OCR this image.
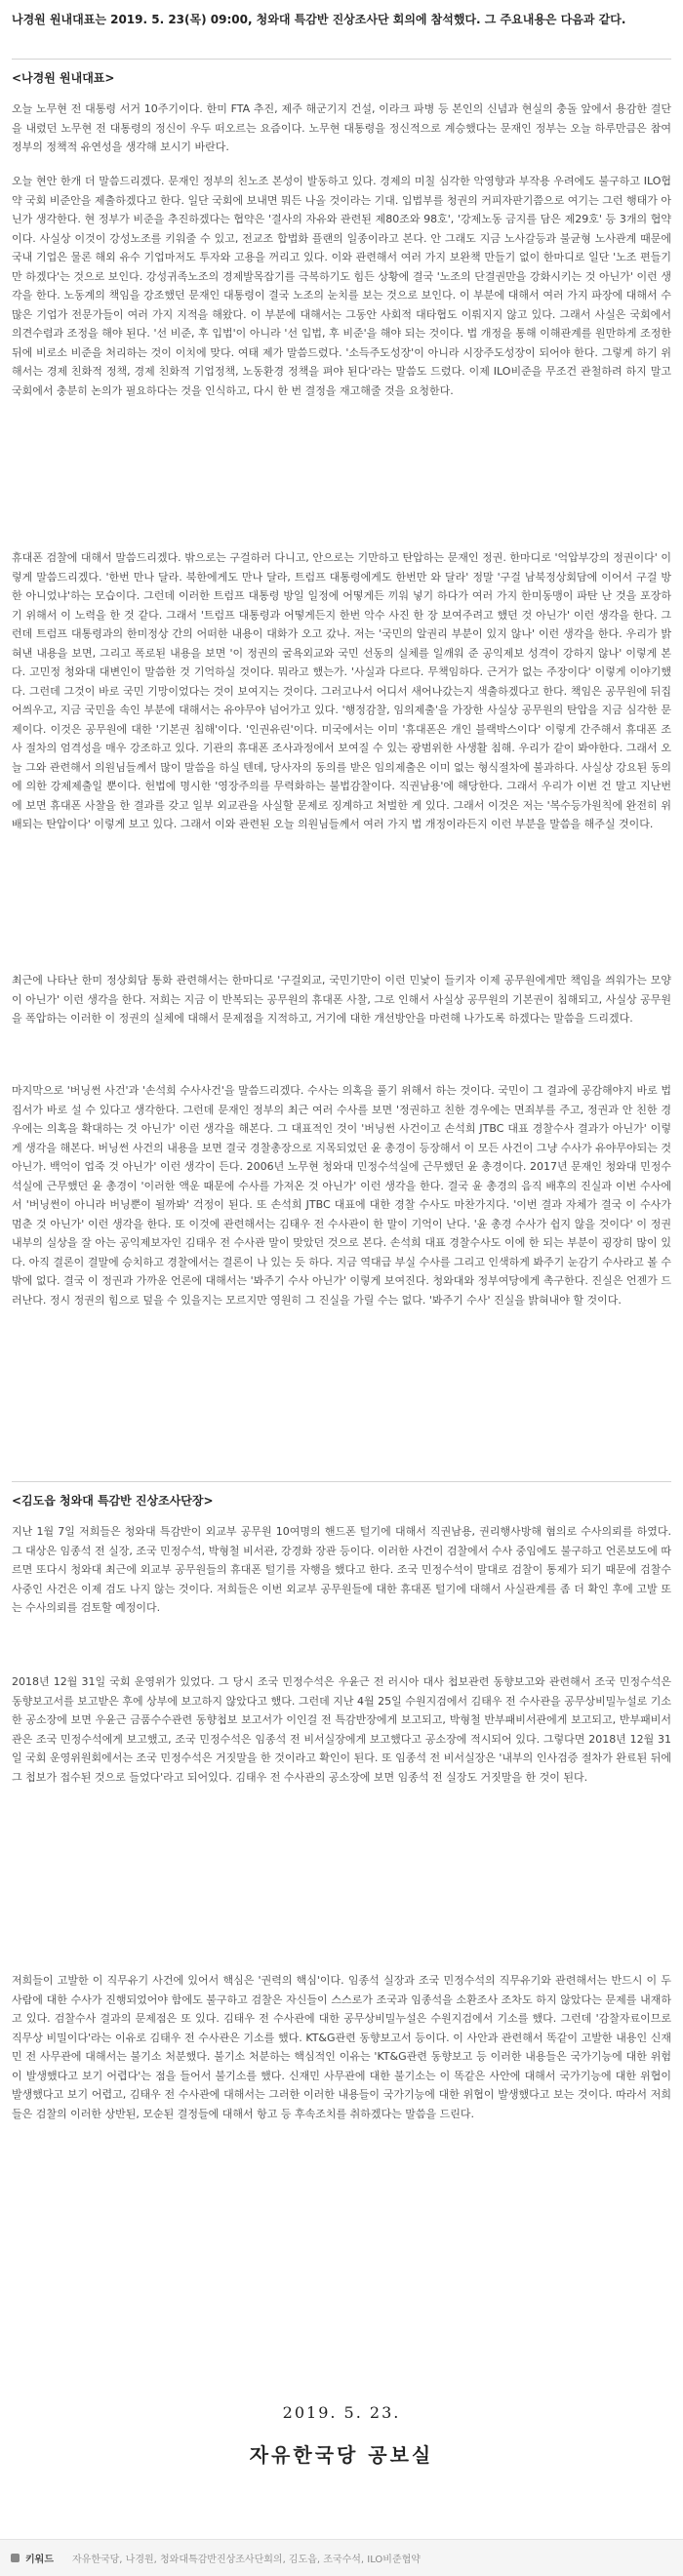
나경원 원내대표는 2019. 5. 23(목) 09:00, 청와대 특감반 진상조사단 회의에 참석했다. 그 주요내용은 다음과 같다.

<나경원 원내대표>

오늘 노무현 전 대통령 서거 10주기이다. 한미 FTA 추진, 제주 해군기지 건설, 이라크 파병 등 본인의 신념과 현실의 충돌 앞에서 용감한 결단을 내렸던 노무현 전 대통령의 정신이 우두 떠오르는 요즘이다. 노무현 대통령을 정신적으로 계승했다는 문재인 정부는 오늘 하루만큼은 참여정부의 정책적 유연성을 생각해 보시기 바란다.

오늘 현안 한개 더 말씀드리겠다. 문재인 정부의 친노조 본성이 발동하고 있다. 경제의 미칠 심각한 악영향과 부작용 우려에도 불구하고 ILO협약 국회 비준안을 제출하겠다고 한다. 일단 국회에 보내면 뭐든 나올 것이라는 기대. 입법부를 청권의 커피자판기쯤으로 여기는 그런 행태가 아닌가 생각한다. 현 정부가 비준을 추진하겠다는 협약은 '결사의 자유와 관련된 제80조와 98호', '강제노동 금지를 담은 제29호' 등 3개의 협약이다. 사실상 이것이 강성노조를 키워줄 수 있고, 전교조 합법화 플랜의 일종이라고 본다. 안 그래도 지금 노사갈등과 불균형 노사관계 때문에 국내 기업은 물론 해외 유수 기업마저도 투자와 고용을 꺼리고 있다. 이와 관련해서 여러 가지 보완책 만들기 없이 한마디로 일단 '노조 편들기만 하겠다'는 것으로 보인다. 강성귀족노조의 경제발목잡기를 극복하기도 힘든 상황에 결국 '노조의 단결권만을 강화시키는 것 아닌가' 이런 생각을 한다. 노동계의 책임을 강조했던 문재인 대통령이 결국 노조의 눈치를 보는 것으로 보인다. 이 부분에 대해서 여러 가지 파장에 대해서 수많은 기업가 전문가들이 여러 가지 지적을 해왔다. 이 부분에 대해서는 그동안 사회적 대타협도 이뤄지지 않고 있다. 그래서 사실은 국회에서 의견수렴과 조정을 해야 된다. '선 비준, 후 입법'이 아니라 '선 입법, 후 비준'을 해야 되는 것이다. 법 개정을 통해 이해관계를 원만하게 조정한 뒤에 비로소 비준을 처리하는 것이 이치에 맞다. 여태 제가 말씀드렸다. '소득주도성장'이 아니라 시장주도성장이 되어야 한다. 그렇게 하기 위해서는 경제 친화적 정책, 경제 친화적 기업정책, 노동환경 정책을 펴야 된다'라는 말씀도 드렸다. 이제 ILO비준을 무조건 관철하려 하지 말고 국회에서 충분히 논의가 필요하다는 것을 인식하고, 다시 한 번 결정을 재고해줄 것을 요청한다.

휴대폰 검찰에 대해서 말씀드리겠다. 밖으로는 구걸하러 다니고, 안으로는 기만하고 탄압하는 문재인 정권. 한마디로 '억압부강의 정권이다' 이렇게 말씀드리겠다. '한번 만나 달라. 북한에게도 만나 달라, 트럼프 대통령에게도 한번만 와 달라' 정말 '구걸 남북정상회담에 이어서 구걸 방한 아니었냐'하는 모습이다. 그런데 이러한 트럼프 대통령 방일 일정에 어떻게든 끼워 넣기 하다가 여러 가지 한미동맹이 파탄 난 것을 포장하기 위해서 이 노력을 한 것 같다. 그래서 '트럼프 대통령과 어떻게든지 한번 악수 사진 한 장 보여주려고 했던 것 아닌가' 이런 생각을 한다. 그런데 트럼프 대통령과의 한미정상 간의 어떠한 내용이 대화가 오고 갔나. 저는 '국민의 알권리 부분이 있지 않나' 이런 생각을 한다. 우리가 밝혀낸 내용을 보면, 그리고 폭로된 내용을 보면 '이 정권의 굴욕외교와 국민 선동의 실체를 일깨워 준 공익제보 성격이 강하지 않나' 이렇게 본다. 고민정 청와대 대변인이 말씀한 것 기억하실 것이다. 뭐라고 했는가. '사실과 다르다. 무책임하다. 근거가 없는 주장이다' 이렇게 이야기했다. 그런데 그것이 바로 국민 기망이었다는 것이 보여지는 것이다. 그러고나서 어디서 새어나갔는지 색출하겠다고 한다. 책임은 공무원에 뒤집어씌우고, 지금 국민을 속인 부분에 대해서는 유야무야 넘어가고 있다. '행정감찰, 임의제출'을 가장한 사실상 공무원의 탄압을 지금 심각한 문제이다. 이것은 공무원에 대한 '기본권 침해'이다. '인권유린'이다. 미국에서는 이미 '휴대폰은 개인 블랙박스이다' 이렇게 간주해서 휴대폰 조사 절차의 엄격성을 매우 강조하고 있다. 기관의 휴대폰 조사과정에서 보여질 수 있는 광범위한 사생활 침해. 우리가 같이 봐야한다. 그래서 오늘 그와 관련해서 의원님들께서 많이 말씀을 하실 텐데, 당사자의 동의를 받은 임의제출은 이미 없는 형식절차에 불과하다. 사실상 강요된 동의에 의한 강제제출일 뿐이다. 헌법에 명시한 '영장주의를 무력화하는 불법감찰이다. 직권남용'에 해당한다. 그래서 우리가 이번 건 말고 지난번에 보면 휴대폰 사찰을 한 결과를 갖고 일부 외교관을 사실할 문제로 징계하고 처벌한 게 있다. 그래서 이것은 저는 '복수등가원칙에 완전히 위배되는 탄압이다' 이렇게 보고 있다. 그래서 이와 관련된 오늘 의원님들께서 여러 가지 법 개정이라든지 이런 부분을 말씀을 해주실 것이다.

최근에 나타난 한미 정상회담 통화 관련해서는 한마디로 '구걸외교, 국민기만이 이런 민낯이 들키자 이제 공무원에게만 책임을 씌워가는 모양이 아닌가' 이런 생각을 한다. 저희는 지금 이 반복되는 공무원의 휴대폰 사찰, 그로 인해서 사실상 공무원의 기본권이 침해되고, 사실상 공무원을 폭압하는 이러한 이 정권의 실체에 대해서 문제점을 지적하고, 거기에 대한 개선방안을 마련해 나가도록 하겠다는 말씀을 드리겠다.

마지막으로 '버닝썬 사건'과 '손석희 수사사건'을 말씀드리겠다. 수사는 의혹을 풀기 위해서 하는 것이다. 국민이 그 결과에 공감해야지 바로 법집서가 바로 설 수 있다고 생각한다. 그런데 문재인 정부의 최근 여러 수사를 보면 '정권하고 친한 경우에는 면죄부를 주고, 정권과 안 친한 경우에는 의혹을 확대하는 것 아닌가' 이런 생각을 해본다. 그 대표적인 것이 '버닝썬 사건이고 손석희 JTBC 대표 경찰수사 결과가 아닌가' 이렇게 생각을 해본다. 버닝썬 사건의 내용을 보면 결국 경찰총장으로 지목되었던 윤 총경이 등장해서 이 모든 사건이 그냥 수사가 유야무야되는 것 아닌가. 백억이 업죽 것 아닌가' 이런 생각이 든다. 2006년 노무현 청와대 민정수석실에 근무했던 윤 총경이다. 2017년 문재인 청와대 민정수석실에 근무했던 윤 총경이 '이러한 액운 때문에 수사를 가져온 것 아닌가' 이런 생각을 한다. 결국 윤 총경의 음직 배후의 진실과 이번 수사에서 '버닝썬이 아니라 버닝뿐이 될까봐' 걱정이 된다. 또 손석희 JTBC 대표에 대한 경찰 수사도 마찬가지다. '이번 결과 자체가 결국 이 수사가 멈춘 것 아닌가' 이런 생각을 한다. 또 이것에 관련해서는 김태우 전 수사관이 한 말이 기억이 난다. '윤 총경 수사가 쉽지 않을 것이다' 이 정권 내부의 실상을 잘 아는 공익제보자인 김태우 전 수사관 말이 맞았던 것으로 본다. 손석희 대표 경찰수사도 이에 한 되는 부분이 굉장히 많이 있다. 아직 결론이 결말에 승치하고 경찰에서는 결론이 나 있는 듯 하다. 지금 역대급 부실 수사를 그리고 인색하게 봐주기 눈감기 수사라고 볼 수 밖에 없다. 결국 이 정권과 가까운 언론에 대해서는 '봐주기 수사 아닌가' 이렇게 보여진다. 청와대와 정부여당에게 촉구한다. 진실은 언젠가 드러난다. 정시 정권의 힘으로 덮을 수 있을지는 모르지만 영원히 그 진실을 가릴 수는 없다. '봐주기 수사' 진실을 밝혀내야 할 것이다.

<김도읍 청와대 특감반 진상조사단장>

지난 1월 7일 저희들은 청와대 특감반이 외교부 공무원 10여명의 핸드폰 털기에 대해서 직권남용, 권리행사방해 혐의로 수사의뢰를 하였다. 그 대상은 임종석 전 실장, 조국 민정수석, 박형철 비서관, 강경화 장관 등이다. 이러한 사건이 검찰에서 수사 중임에도 불구하고 언론보도에 따르면 또다시 청와대 최근에 외교부 공무원들의 휴대폰 털기를 자행을 했다고 한다. 조국 민정수석이 말대로 검찰이 통제가 되기 때문에 검찰수사중인 사건은 이제 검도 나지 않는 것이다. 저희들은 이번 외교부 공무원들에 대한 휴대폰 털기에 대해서 사실관계를 좀 더 확인 후에 고발 또는 수사의뢰를 검토할 예정이다.

2018년 12월 31일 국회 운영위가 있었다. 그 당시 조국 민정수석은 우윤근 전 러시아 대사 첩보관련 동향보고와 관련해서 조국 민정수석은 동향보고서를 보고받은 후에 상부에 보고하지 않았다고 했다. 그런데 지난 4월 25일 수원지검에서 김태우 전 수사관을 공무상비밀누설로 기소한 공소장에 보면 우윤근 금품수수관련 동향첩보 보고서가 이인걸 전 특감반장에게 보고되고, 박형철 반부패비서관에게 보고되고, 반부패비서관은 조국 민정수석에게 보고했고, 조국 민정수석은 임종석 전 비서실장에게 보고했다고 공소장에 적시되어 있다. 그렇다면 2018년 12월 31일 국회 운영위원회에서는 조국 민정수석은 거짓말을 한 것이라고 확인이 된다. 또 임종석 전 비서실장은 '내부의 인사검증 절차가 완료된 뒤에 그 첩보가 접수된 것으로 들었다'라고 되어있다. 김태우 전 수사관의 공소장에 보면 임종석 전 실장도 거짓말을 한 것이 된다.

저희들이 고발한 이 직무유기 사건에 있어서 핵심은 '권력의 핵심'이다. 임종석 실장과 조국 민정수석의 직무유기와 관련해서는 반드시 이 두 사람에 대한 수사가 진행되었어야 함에도 불구하고 검찰은 자신들이 스스로가 조국과 임종석을 소환조사 조차도 하지 않았다는 문제를 내재하고 있다. 검찰수사 결과의 문제점은 또 있다. 김태우 전 수사관에 대한 공무상비밀누설은 수원지검에서 기소를 했다. 그런데 '감찰자료이므로 직무상 비밀이다'라는 이유로 김태우 전 수사관은 기소를 했다. KT&G관련 동향보고서 등이다. 이 사안과 관련해서 똑같이 고발한 내용인 신재민 전 사무관에 대해서는 불기소 처분했다. 불기소 처분하는 핵심적인 이유는 'KT&G관련 동향보고 등 이러한 내용들은 국가기능에 대한 위험이 발생했다고 보기 어렵다'는 점을 들어서 불기소를 했다. 신재민 사무관에 대한 불기소는 이 똑같은 사안에 대해서 국가기능에 대한 위협이 발생했다고 보기 어렵고, 김태우 전 수사관에 대해서는 그러한 이러한 내용들이 국가기능에 대한 위협이 발생했다고 보는 것이다. 따라서 저희들은 검찰의 이러한 상반된, 모순된 결정들에 대해서 항고 등 후속조치를 취하겠다는 말씀을 드린다.

2019. 5. 23.
자유한국당 공보실
키워드 자유한국당, 나경원, 청와대특감반진상조사단회의, 김도읍, 조국수석, ILO비준협약
